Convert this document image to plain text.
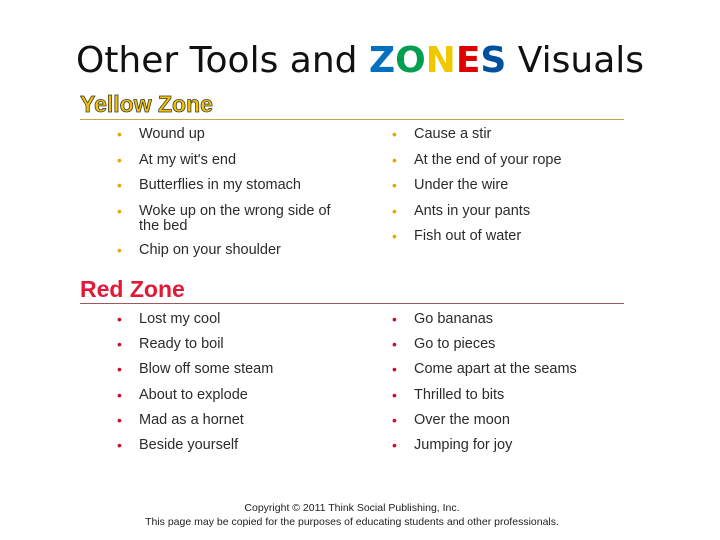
Other Tools and ZONES Visuals
Yellow Zone
• Wound up
• At my wit's end
• Butterflies in my stomach
• Woke up on the wrong side of the bed
• Chip on your shoulder
• Cause a stir
• At the end of your rope
• Under the wire
• Ants in your pants
• Fish out of water
Red Zone
• Lost my cool
• Ready to boil
• Blow off some steam
• About to explode
• Mad as a hornet
• Beside yourself
• Go bananas
• Go to pieces
• Come apart at the seams
• Thrilled to bits
• Over the moon
• Jumping for joy
Copyright © 2011 Think Social Publishing, Inc.
This page may be copied for the purposes of educating students and other professionals.
